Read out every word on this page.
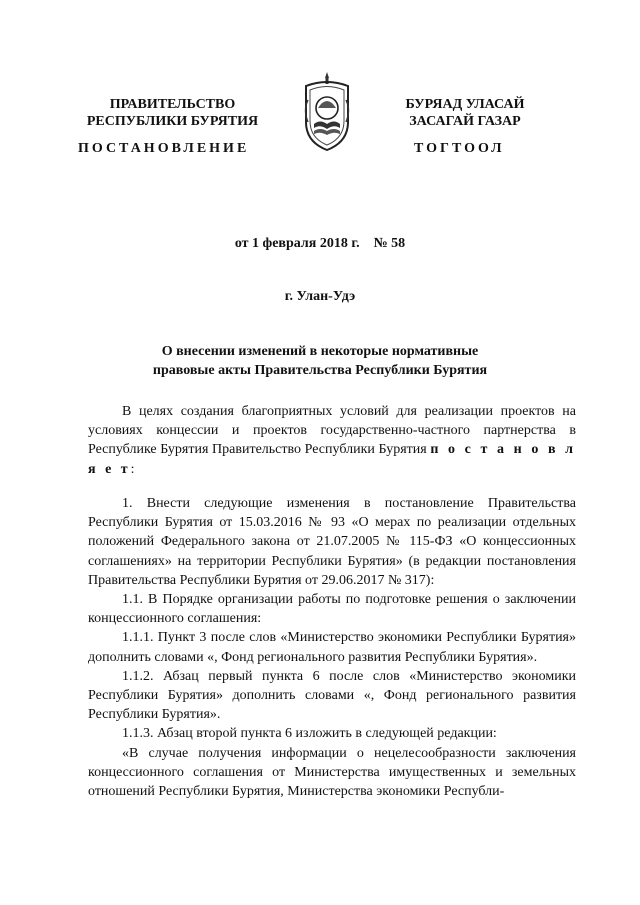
ПРАВИТЕЛЬСТВО
РЕСПУБЛИКИ БУРЯТИЯ
БУРЯАД УЛАСАЙ
ЗАСАГАЙ ГАЗАР
ПОСТАНОВЛЕНИЕ	ТОГТООЛ
от 1 февраля 2018 г.    № 58
г. Улан-Удэ
О внесении изменений в некоторые нормативные
правовые акты Правительства Республики Бурятия

В целях создания благоприятных условий для реализации проектов на условиях концессии и проектов государственно-частного партнерства в Республике Бурятия Правительство Республики Бурятия п о с т а н о в л я е т:

1. Внести следующие изменения в постановление Правительства Республики Бурятия от 15.03.2016 № 93 «О мерах по реализации отдельных положений Федерального закона от 21.07.2005 № 115-ФЗ «О концессионных соглашениях» на территории Республики Бурятия» (в редакции постановления Правительства Республики Бурятия от 29.06.2017 № 317):

1.1. В Порядке организации работы по подготовке решения о заключении концессионного соглашения:

1.1.1. Пункт 3 после слов «Министерство экономики Республики Бурятия» дополнить словами «, Фонд регионального развития Республики Бурятия».

1.1.2. Абзац первый пункта 6 после слов «Министерство экономики Республики Бурятия» дополнить словами «, Фонд регионального развития Республики Бурятия».

1.1.3. Абзац второй пункта 6 изложить в следующей редакции:

«В случае получения информации о нецелесообразности заключения концессионного соглашения от Министерства имущественных и земельных отношений Республики Бурятия, Министерства экономики Республи-
